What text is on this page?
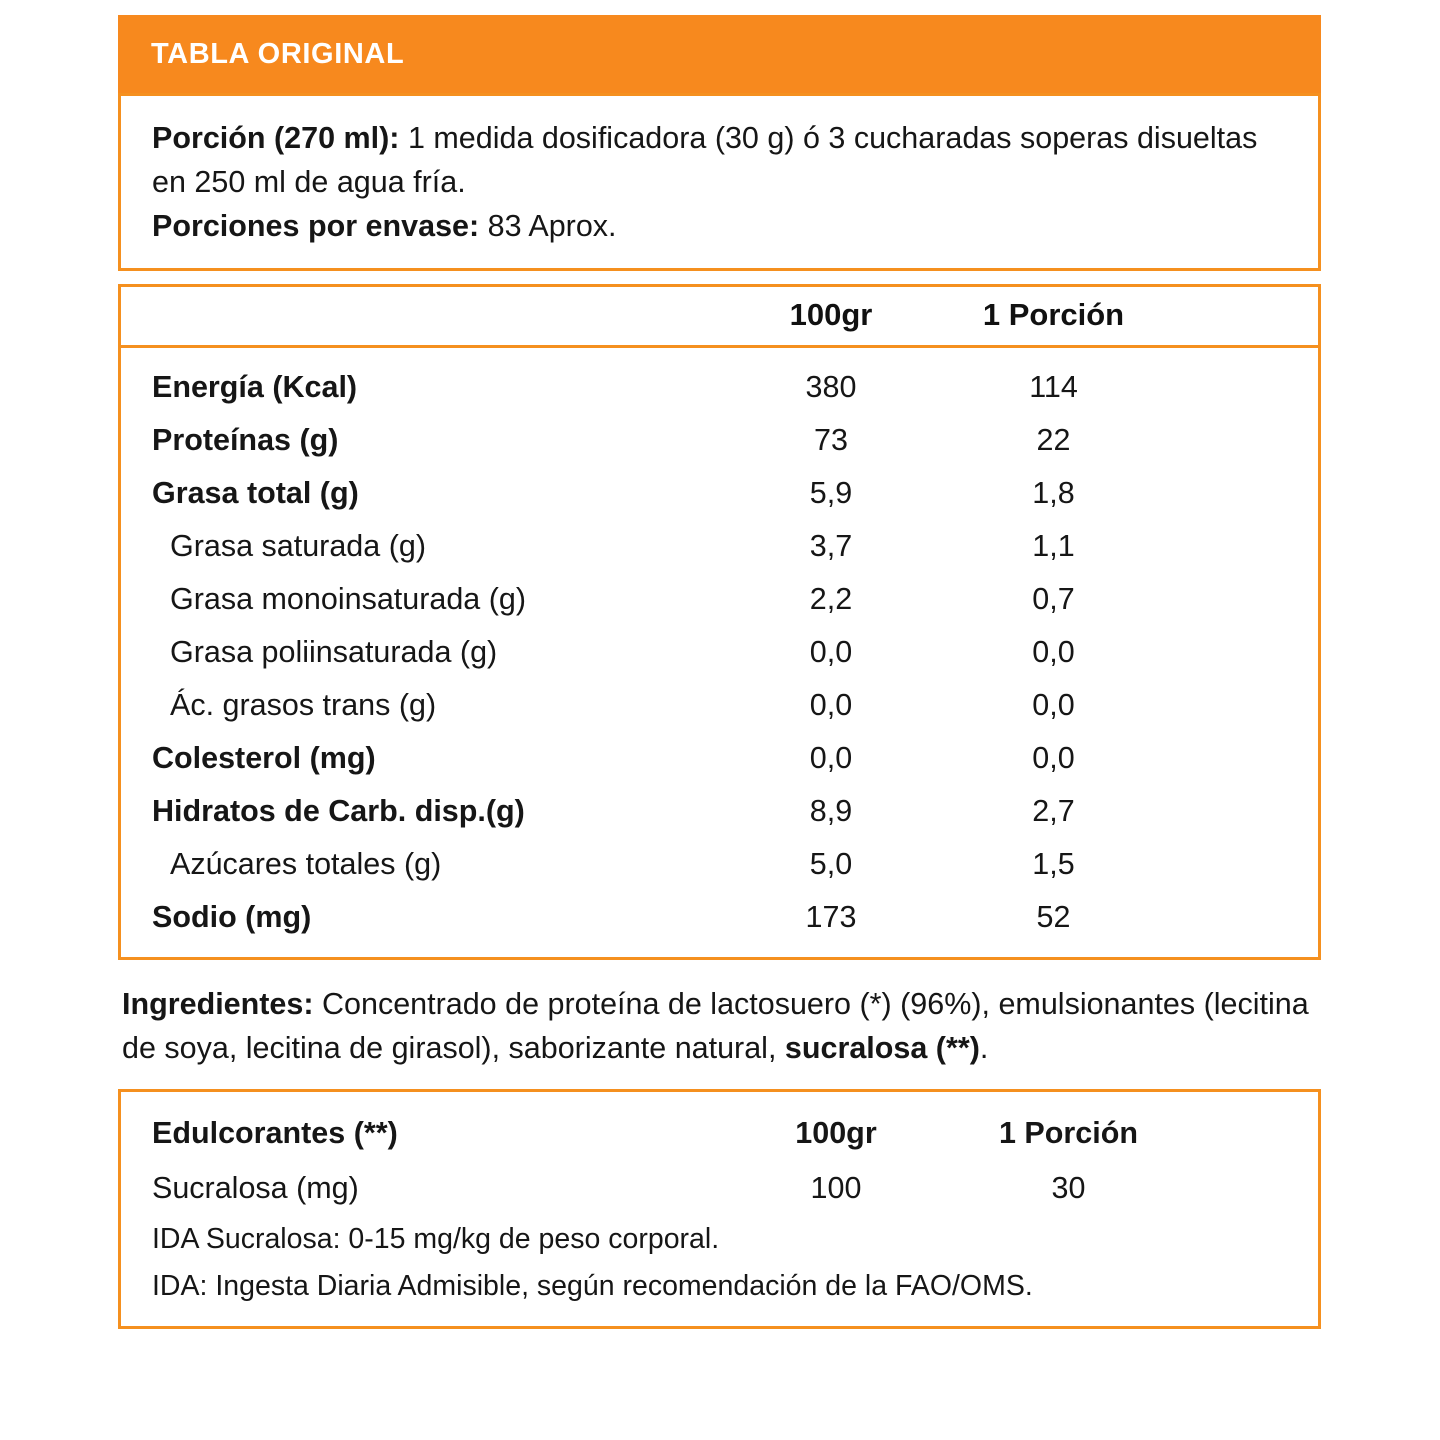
TABLA ORIGINAL
Porción (270 ml): 1 medida dosificadora (30 g) ó 3 cucharadas soperas disueltas en 250 ml de agua fría.
Porciones por envase: 83 Aprox.
	100gr	1 Porción	
Energía (Kcal)	380	114	
Proteínas (g)	73	22	
Grasa total (g)	5,9	1,8	
Grasa saturada (g)	3,7	1,1	
Grasa monoinsaturada (g)	2,2	0,7	
Grasa poliinsaturada (g)	0,0	0,0	
Ác. grasos trans (g)	0,0	0,0	
Colesterol (mg)	0,0	0,0	
Hidratos de Carb. disp.(g)	8,9	2,7	
Azúcares totales (g)	5,0	1,5	
Sodio (mg)	173	52	
Ingredientes: Concentrado de proteína de lactosuero (*) (96%), emulsionantes (lecitina de soya, lecitina de girasol), saborizante natural, sucralosa (**).
Edulcorantes (**)	100gr	1 Porción	
Sucralosa (mg)	100	30	
IDA Sucralosa: 0-15 mg/kg de peso corporal.
IDA: Ingesta Diaria Admisible, según recomendación de la FAO/OMS.
